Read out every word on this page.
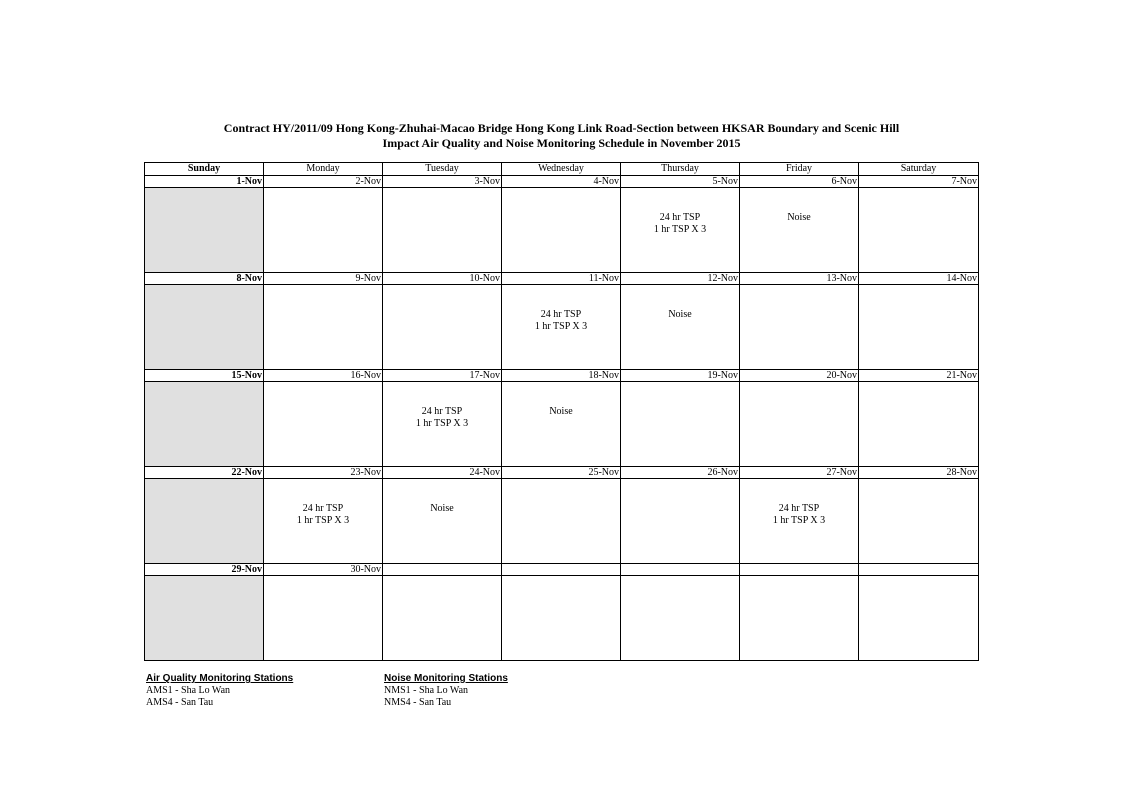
Contract HY/2011/09 Hong Kong-Zhuhai-Macao Bridge Hong Kong Link Road-Section between HKSAR Boundary and Scenic Hill
Impact Air Quality and Noise Monitoring Schedule in November 2015
Sunday	Monday	Tuesday	Wednesday	Thursday	Friday	Saturday
1-Nov	2-Nov	3-Nov	4-Nov	5-Nov	6-Nov	7-Nov

				24 hr TSP
1 hr TSP X 3	Noise	

8-Nov	9-Nov	10-Nov	11-Nov	12-Nov	13-Nov	14-Nov

			24 hr TSP
1 hr TSP X 3	Noise		

15-Nov	16-Nov	17-Nov	18-Nov	19-Nov	20-Nov	21-Nov

		24 hr TSP
1 hr TSP X 3	Noise			

22-Nov	23-Nov	24-Nov	25-Nov	26-Nov	27-Nov	28-Nov

	24 hr TSP
1 hr TSP X 3	Noise			24 hr TSP
1 hr TSP X 3	

29-Nov	30-Nov					

Air Quality Monitoring Stations
AMS1 - Sha Lo Wan
AMS4 - San Tau
Noise Monitoring Stations
NMS1 - Sha Lo Wan
NMS4 - San Tau
